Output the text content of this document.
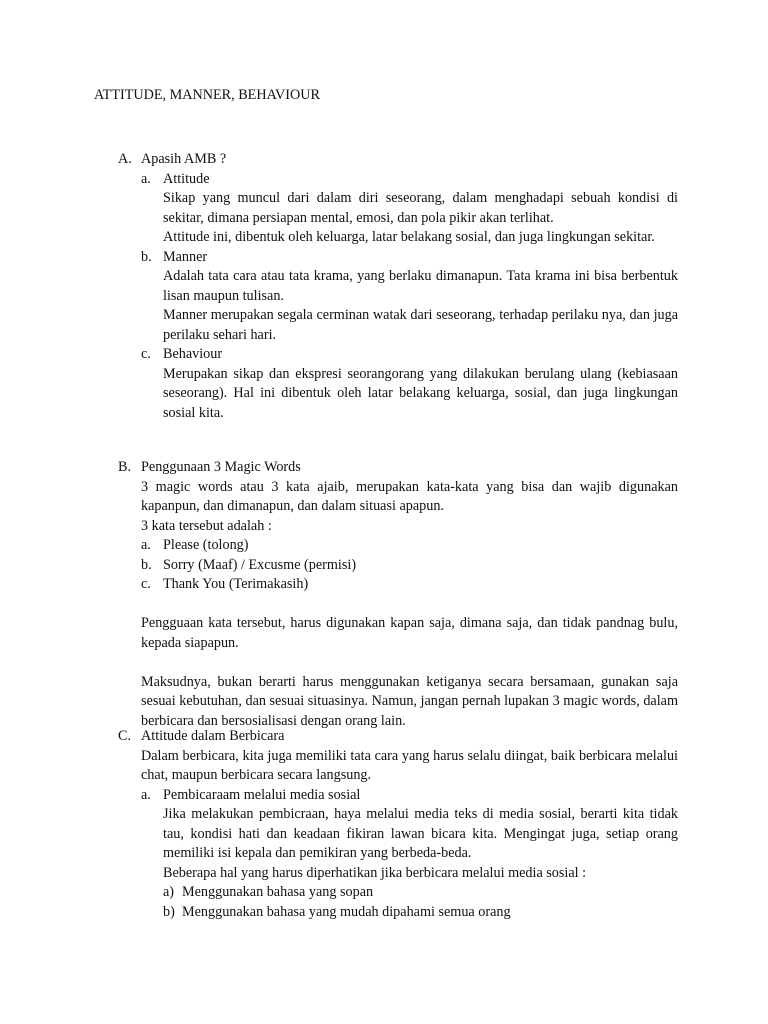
ATTITUDE, MANNER, BEHAVIOUR
A. Apasih AMB ?
a. Attitude

Sikap yang muncul dari dalam diri seseorang, dalam menghadapi sebuah kondisi di sekitar, dimana persiapan mental, emosi, dan pola pikir akan terlihat.

Attitude ini, dibentuk oleh keluarga, latar belakang sosial, dan juga lingkungan sekitar.

b. Manner

Adalah tata cara atau tata krama, yang berlaku dimanapun. Tata krama ini bisa berbentuk lisan maupun tulisan.

Manner merupakan segala cerminan watak dari seseorang, terhadap perilaku nya, dan juga perilaku sehari hari.

c. Behaviour

Merupakan sikap dan ekspresi seorangorang yang dilakukan berulang ulang (kebiasaan seseorang). Hal ini dibentuk oleh latar belakang keluarga, sosial, dan juga lingkungan sosial kita.

B. Penggunaan 3 Magic Words

3 magic words atau 3 kata ajaib, merupakan kata-kata yang bisa dan wajib digunakan kapanpun, dan dimanapun, dan dalam situasi apapun.

3 kata tersebut adalah :

a. Please (tolong)
b. Sorry (Maaf) / Excusme (permisi)
c. Thank You (Terimakasih)

Pengguaan kata tersebut, harus digunakan kapan saja, dimana saja, dan tidak pandnag bulu, kepada siapapun.

Maksudnya, bukan berarti harus menggunakan ketiganya secara bersamaan, gunakan saja sesuai kebutuhan, dan sesuai situasinya. Namun, jangan pernah lupakan 3 magic words, dalam berbicara dan bersosialisasi dengan orang lain.

C. Attitude dalam Berbicara

Dalam berbicara, kita juga memiliki tata cara yang harus selalu diingat, baik berbicara melalui chat, maupun berbicara secara langsung.

a. Pembicaraam melalui media sosial

Jika melakukan pembicraan, haya melalui media teks di media sosial, berarti kita tidak tau, kondisi hati dan keadaan fikiran lawan bicara kita. Mengingat juga, setiap orang memiliki isi kepala dan pemikiran yang berbeda-beda.

Beberapa hal yang harus diperhatikan jika berbicara melalui media sosial :

a) Menggunakan bahasa yang sopan
b) Menggunakan bahasa yang mudah dipahami semua orang
